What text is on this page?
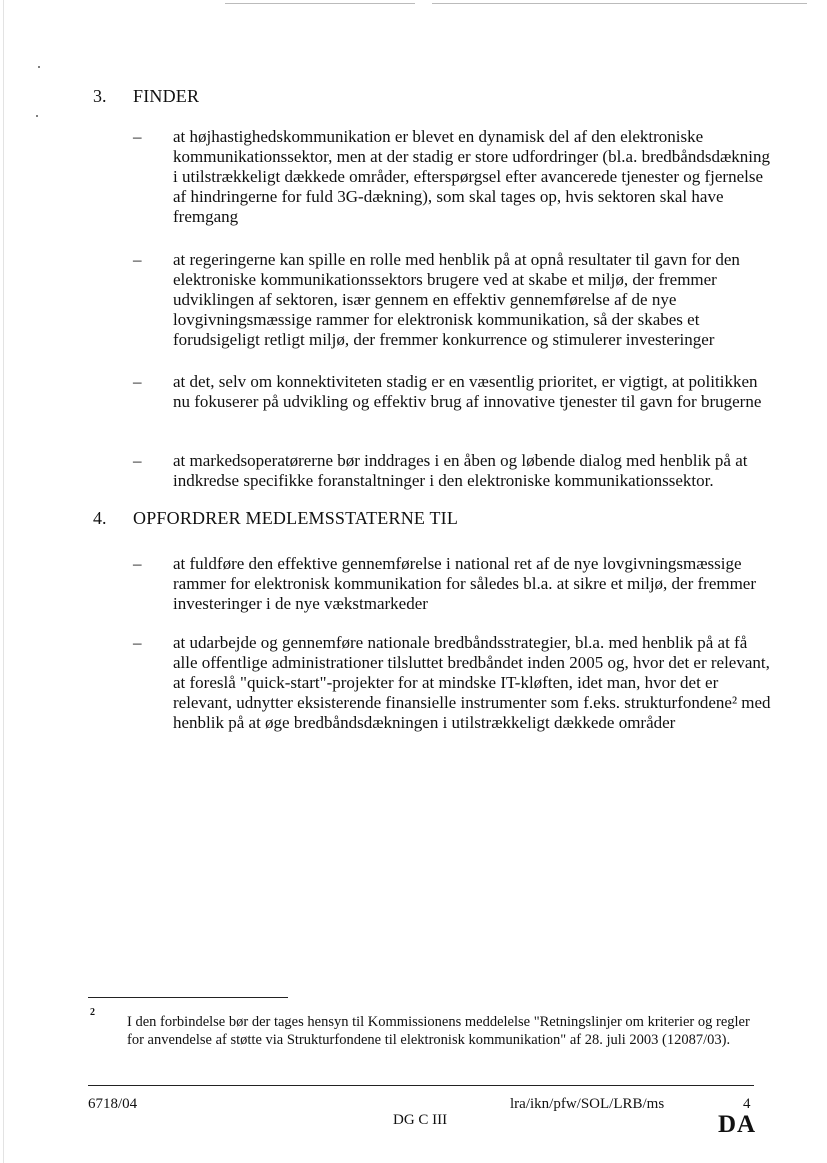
3. FINDER
– at højhastighedskommunikation er blevet en dynamisk del af den elektroniske kommunikationssektor, men at der stadig er store udfordringer (bl.a. bredbåndsdækning i utilstrækkeligt dækkede områder, efterspørgsel efter avancerede tjenester og fjernelse af hindringerne for fuld 3G-dækning), som skal tages op, hvis sektoren skal have fremgang
– at regeringerne kan spille en rolle med henblik på at opnå resultater til gavn for den elektroniske kommunikationssektors brugere ved at skabe et miljø, der fremmer udviklingen af sektoren, især gennem en effektiv gennemførelse af de nye lovgivningsmæssige rammer for elektronisk kommunikation, så der skabes et forudsigeligt retligt miljø, der fremmer konkurrence og stimulerer investeringer
– at det, selv om konnektiviteten stadig er en væsentlig prioritet, er vigtigt, at politikken nu fokuserer på udvikling og effektiv brug af innovative tjenester til gavn for brugerne
– at markedsoperatørerne bør inddrages i en åben og løbende dialog med henblik på at indkredse specifikke foranstaltninger i den elektroniske kommunikationssektor.
4. OPFORDRER MEDLEMSSTATERNE TIL
– at fuldføre den effektive gennemførelse i national ret af de nye lovgivningsmæssige rammer for elektronisk kommunikation for således bl.a. at sikre et miljø, der fremmer investeringer i de nye vækstmarkeder
– at udarbejde og gennemføre nationale bredbåndsstrategier, bl.a. med henblik på at få alle offentlige administrationer tilsluttet bredbåndet inden 2005 og, hvor det er relevant, at foreslå "quick-start"-projekter for at mindske IT-kløften, idet man, hvor det er relevant, udnytter eksisterende finansielle instrumenter som f.eks. strukturfondene² med henblik på at øge bredbåndsdækningen i utilstrækkeligt dækkede områder
2
I den forbindelse bør der tages hensyn til Kommissionens meddelelse "Retningslinjer om kriterier og regler for anvendelse af støtte via Strukturfondene til elektronisk kommunikation" af 28. juli 2003 (12087/03).
6718/04
DG C III
lra/ikn/pfw/SOL/LRB/ms	4
DA
